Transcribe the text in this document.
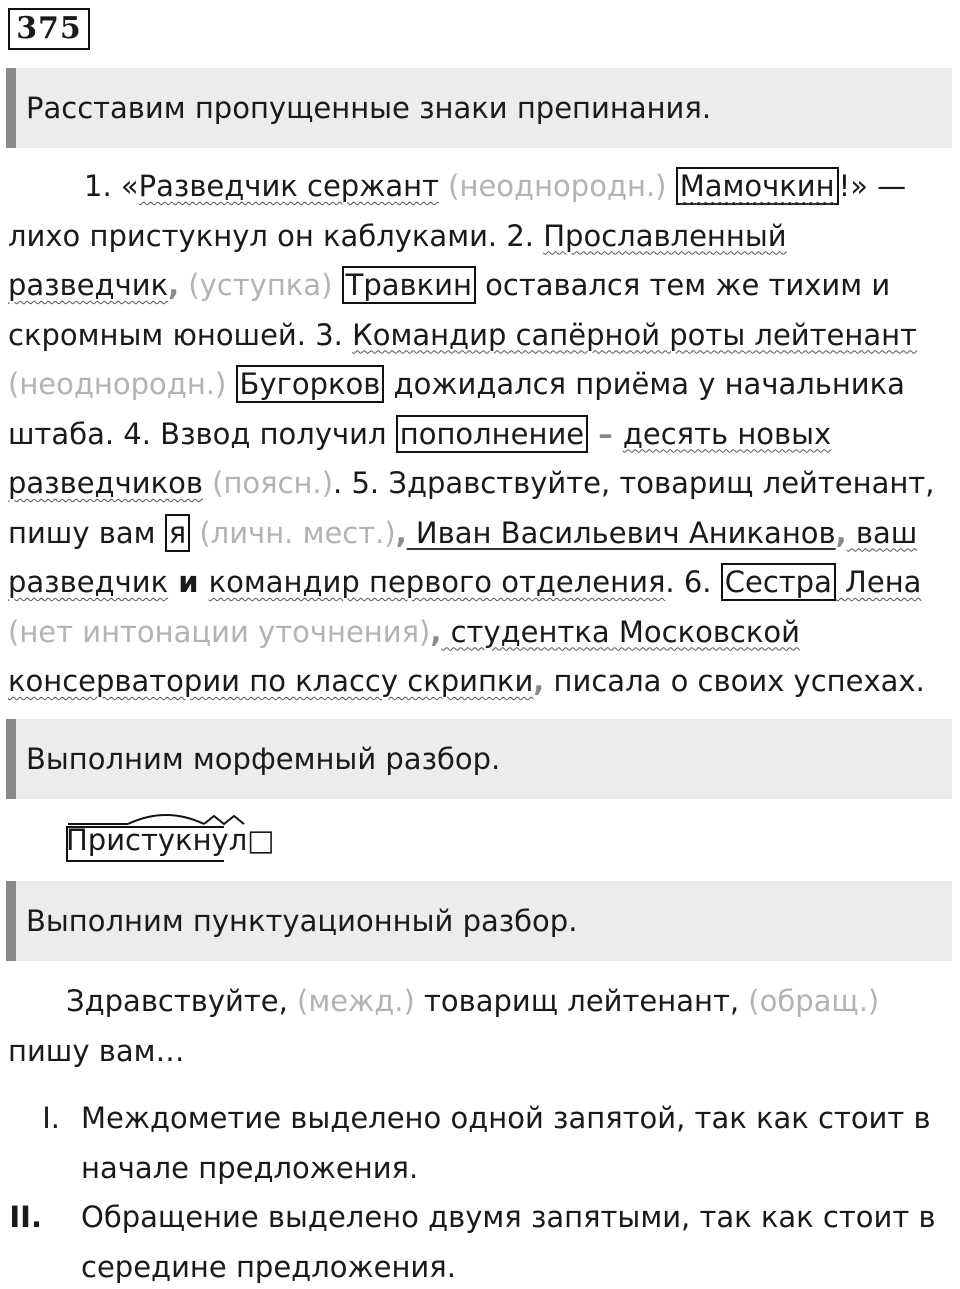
375
Расставим пропущенные знаки препинания.
1. «Разведчик сержант (неоднородн.) Мамочкин !» —
лихо пристукнул он каблуками. 2. Прославленный
разведчик, (уступка) Травкин оставался тем же тихим и
скромным юношей. 3. Командир сапёрной роты лейтенант
(неоднородн.) Бугорков дожидался приёма у начальника
штаба. 4. Взвод получил пополнение – десять новых
разведчиков (поясн.). 5. Здравствуйте, товарищ лейтенант,
пишу вам я (личн. мест.), Иван Васильевич Аниканов, ваш
разведчик и командир первого отделения. 6. Сестра Лена
(нет интонации уточнения), студентка Московской
консерватории по классу скрипки, писала о своих успехах.
Выполним морфемный разбор.
Пристукнул□
Выполним пунктуационный разбор.
Здравствуйте, (межд.) товарищ лейтенант, (обращ.)
пишу вам…
I. Междометие выделено одной запятой, так как стоит в
начале предложения.
II. Обращение выделено двумя запятыми, так как стоит в
середине предложения.
